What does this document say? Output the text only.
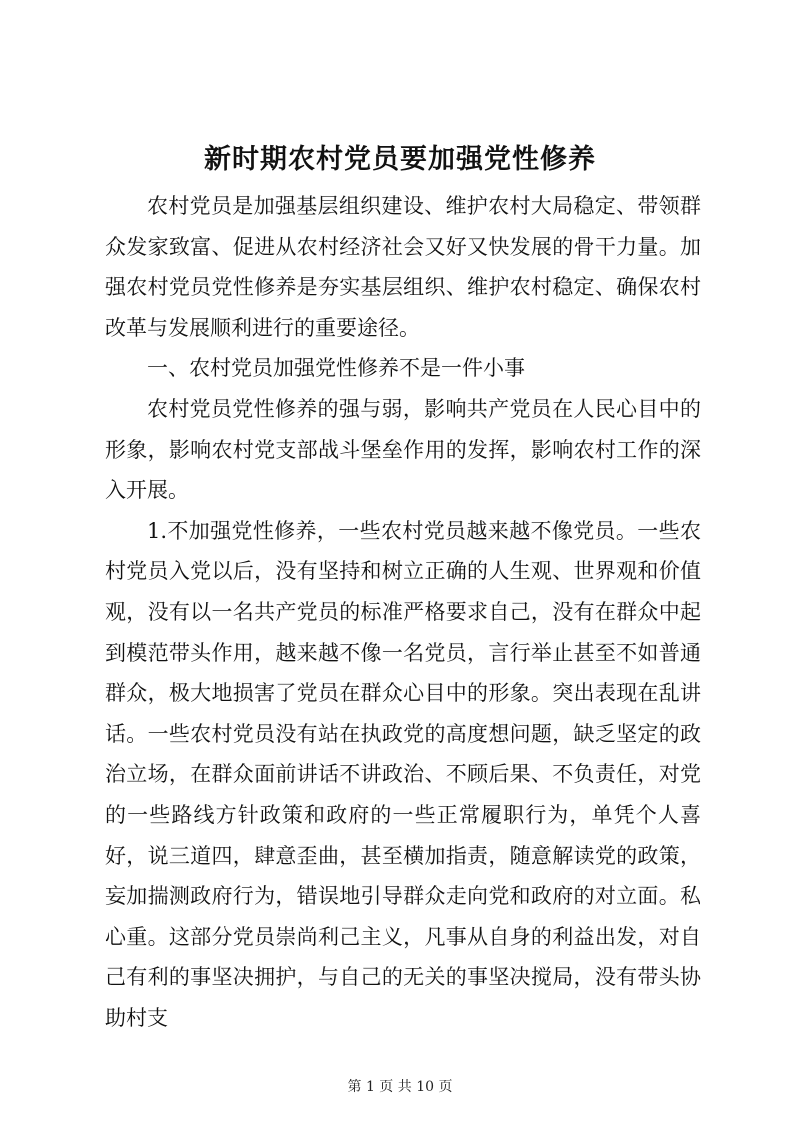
新时期农村党员要加强党性修养

农村党员是加强基层组织建设、维护农村大局稳定、带领群众发家致富、促进从农村经济社会又好又快发展的骨干力量。加强农村党员党性修养是夯实基层组织、维护农村稳定、确保农村改革与发展顺利进行的重要途径。

一、农村党员加强党性修养不是一件小事

农村党员党性修养的强与弱，影响共产党员在人民心目中的形象，影响农村党支部战斗堡垒作用的发挥，影响农村工作的深入开展。

1.不加强党性修养，一些农村党员越来越不像党员。一些农村党员入党以后，没有坚持和树立正确的人生观、世界观和价值观，没有以一名共产党员的标准严格要求自己，没有在群众中起到模范带头作用，越来越不像一名党员，言行举止甚至不如普通群众，极大地损害了党员在群众心目中的形象。突出表现在乱讲话。一些农村党员没有站在执政党的高度想问题，缺乏坚定的政治立场，在群众面前讲话不讲政治、不顾后果、不负责任，对党的一些路线方针政策和政府的一些正常履职行为，单凭个人喜好，说三道四，肆意歪曲，甚至横加指责，随意解读党的政策，妄加揣测政府行为，错误地引导群众走向党和政府的对立面。私心重。这部分党员崇尚利己主义，凡事从自身的利益出发，对自己有利的事坚决拥护，与自己的无关的事坚决搅局，没有带头协助村支

第 1 页 共 10 页
